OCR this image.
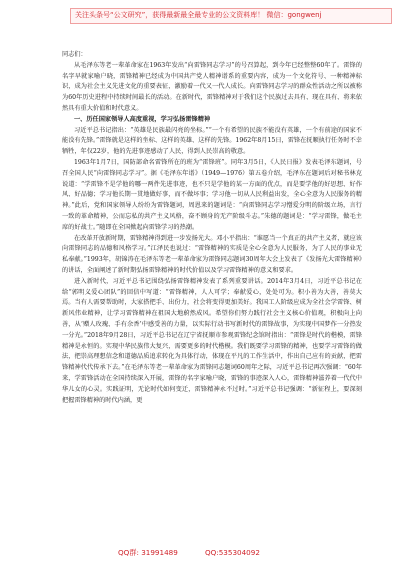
关注头条号“公文研究”，获得最新最全最专业的公文资料库！ 微信：gongwenj

同志们：

从毛泽东等老一辈革命家在1963年发出“向雷锋同志学习”的号召算起，到今年已经整整60年了。雷锋的名字早就家喻户晓，雷锋精神已经成为中国共产党人精神谱系的重要内容，成为一个文化符号、一种精神标识，成为社会主义先进文化的重要表征，激励着一代又一代人成长。向雷锋同志学习的群众性活动之所以被称为60年历史进程中持续时间最长的活动。在新时代，雷锋精神对于我们这个民族过去具有、现在具有、将来依然具有重大价值和时代意义。

一、历任国家领导人高度重视，学习弘扬雷锋精神

习近平总书记指出：“英雄是民族最闪亮的坐标。”“一个有希望的民族不能没有英雄，一个有前途的国家不能没有先锋。”雷锋就是这样的坐标、这样的英雄、这样的先锋。1962年8月15日，雷锋在抚顺执行任务时不幸牺牲，年仅22岁，他的先进事迹感动了人民，得到人民崇高的敬意。

1963年1月7日，国防部命名雷锋所在的班为“雷锋班”。同年3月5日，《人民日报》发表毛泽东题词，号召全国人民“向雷锋同志学习”。据《毛泽东年谱》（1949—1976）第五卷介绍，毛泽东在题词后对秘书林克说道：“学雷锋不是学他的哪一两件先进事迹，也不只是学他的某一方面的优点，而是要学他的好思想、好作风、好品德；学习他长期一贯地做好事，而不做坏事；学习他一切从人民利益出发，全心全意为人民服务的精神。”此后，党和国家领导人纷纷为雷锋题词，周恩来的题词是：“向雷锋同志学习憎爱分明的阶级立场，言行一致的革命精神，公而忘私的共产主义风格，奋不顾身的无产阶级斗志。”朱德的题词是：“学习雷锋，做毛主席的好战士。”随即在全国掀起向雷锋学习的热潮。

在改革开放新时期，雷锋精神得到进一步发扬光大。邓小平指出：“谁愿当一个真正的共产主义者，就应该向雷锋同志的品德和风格学习。”江泽民也说过：“雷锋精神的实质是全心全意为人民服务，为了人民的事业无私奉献。”1993年，胡锦涛在毛泽东等老一辈革命家为雷锋同志题词30周年大会上发表了《发扬光大雷锋精神》的讲话，全面阐述了新时期弘扬雷锋精神的时代价值以及学习雷锋精神的意义和要求。

进入新时代，习近平总书记围绕弘扬雷锋精神发表了系列重要讲话。2014年3月4日，习近平总书记在给“郭明义爱心团队”的回信中写道：“雷锋精神，人人可学；奉献爱心，处处可为。积小善为大善，善莫大焉。当有人需要帮助时，大家搭把手、出份力，社会将变得更加美好。我国工人阶级应成为全社会学雷锋、树新风伟业精神，让学习雷锋精神在祖国大地蔚然成风。希望你们努力践行社会主义核心价值观，积极向上向善，从‘赠人玫瑰、手有余香’中感受善的力量，以实际行动书写新时代的雷锋故事，为实现中国梦作一分热发一分光。”2018年9月28日，习近平总书记在辽宁省抚顺市参观雷锋纪念馆时指出：“雷锋是时代的楷模，雷锋精神是永恒的。实现中华民族伟大复兴，需要更多的时代楷模。我们既要学习雷锋的精神，也要学习雷锋的做法，把崇高理想信念和道德品质追求转化为具体行动，体现在平凡的工作生活中，作出自己应有的贡献，把雷锋精神代代传承下去。”在毛泽东等老一辈革命家为雷锋同志题词60周年之际，习近平总书记再次强调：“60年来，学雷锋活动在全国持续深入开展，雷锋的名字家喻户晓，雷锋的事迹深入人心，雷锋精神滋养着一代代中华儿女的心灵。实践证明，无论时代如何变迁，雷锋精神永不过时。”习近平总书记强调：“新征程上，要深刻把握雷锋精神的时代内涵，更

QQ群: 31991489	QQ:535304092
